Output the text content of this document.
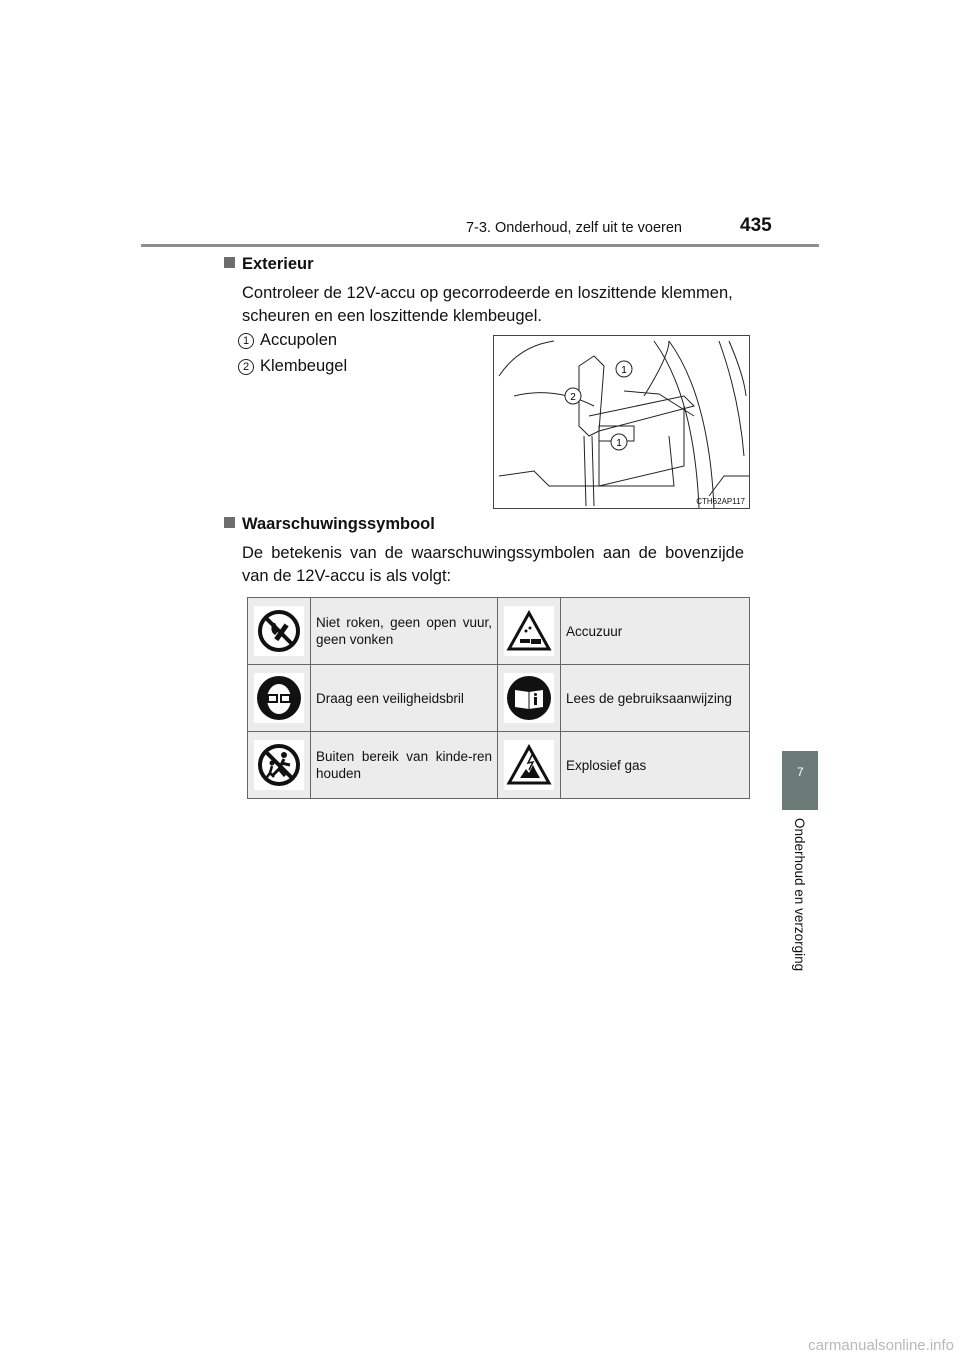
7-3. Onderhoud, zelf uit te voeren	435
Exterieur
Controleer de 12V-accu op gecorrodeerde en loszittende klemmen, scheuren en een loszittende klembeugel.
1 Accupolen
2 Klembeugel	1
2
1
CTH62AP117
Waarschuwingssymbool
De betekenis van de waarschuwingssymbolen aan de bovenzijde van de 12V-accu is als volgt:
	Niet roken, geen open vuur, geen vonken		Accuzuur

	Draag een veiligheidsbril		Lees de gebruiksaanwijzing

	Buiten bereik van kinde-ren houden		Explosief gas	7
Onderhoud en verzorging
carmanualsonline.info
